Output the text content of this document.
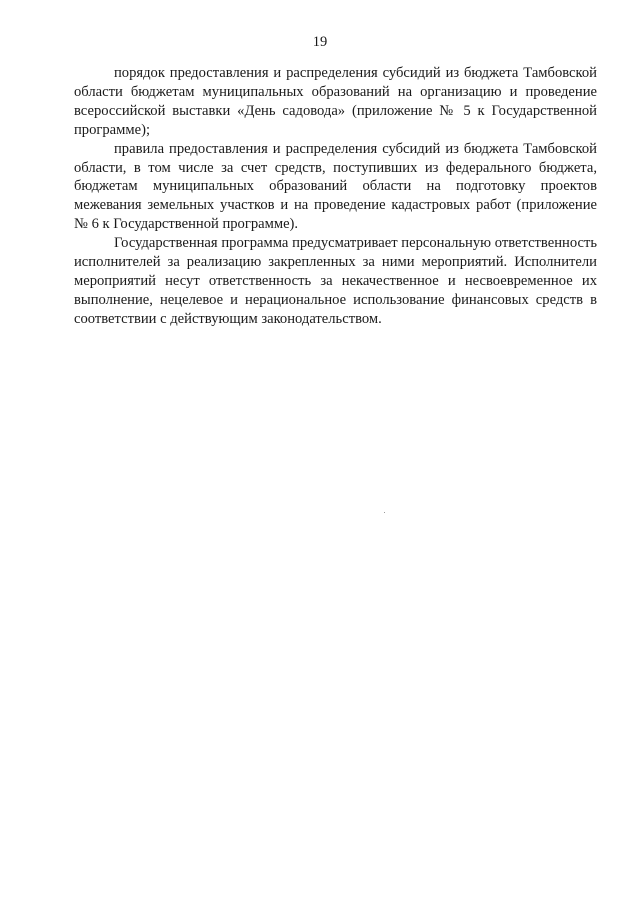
19

порядок предоставления и распределения субсидий из бюджета Тамбовской области бюджетам муниципальных образований на организацию и проведение всероссийской выставки «День садовода» (приложение № 5 к Государственной программе);

правила предоставления и распределения субсидий из бюджета Тамбовской области, в том числе за счет средств, поступивших из федерального бюджета, бюджетам муниципальных образований области на подготовку проектов межевания земельных участков и на проведение кадастровых работ (приложение № 6 к Государственной программе).

Государственная программа предусматривает персональную ответственность исполнителей за реализацию закрепленных за ними мероприятий. Исполнители мероприятий несут ответственность за некачественное и несвоевременное их выполнение, нецелевое и нерациональное использование финансовых средств в соответствии с действующим законодательством.
